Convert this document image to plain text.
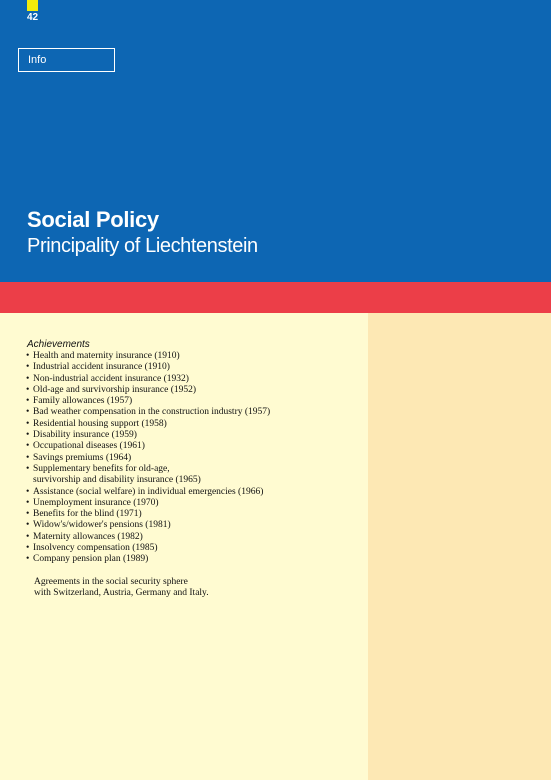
42
Info
Social Policy
Principality of Liechtenstein
Achievements
• Health and maternity insurance (1910)
• Industrial accident insurance (1910)
• Non-industrial accident insurance (1932)
• Old-age and survivorship insurance (1952)
• Family allowances (1957)
• Bad weather compensation in the construction industry (1957)
• Residential housing support (1958)
• Disability insurance (1959)
• Occupational diseases (1961)
• Savings premiums (1964)
• Supplementary benefits for old-age,
survivorship and disability insurance (1965)
• Assistance (social welfare) in individual emergencies (1966)
• Unemployment insurance (1970)
• Benefits for the blind (1971)
• Widow's/widower's pensions (1981)
• Maternity allowances (1982)
• Insolvency compensation (1985)
• Company pension plan (1989)
Agreements in the social security sphere
with Switzerland, Austria, Germany and Italy.
